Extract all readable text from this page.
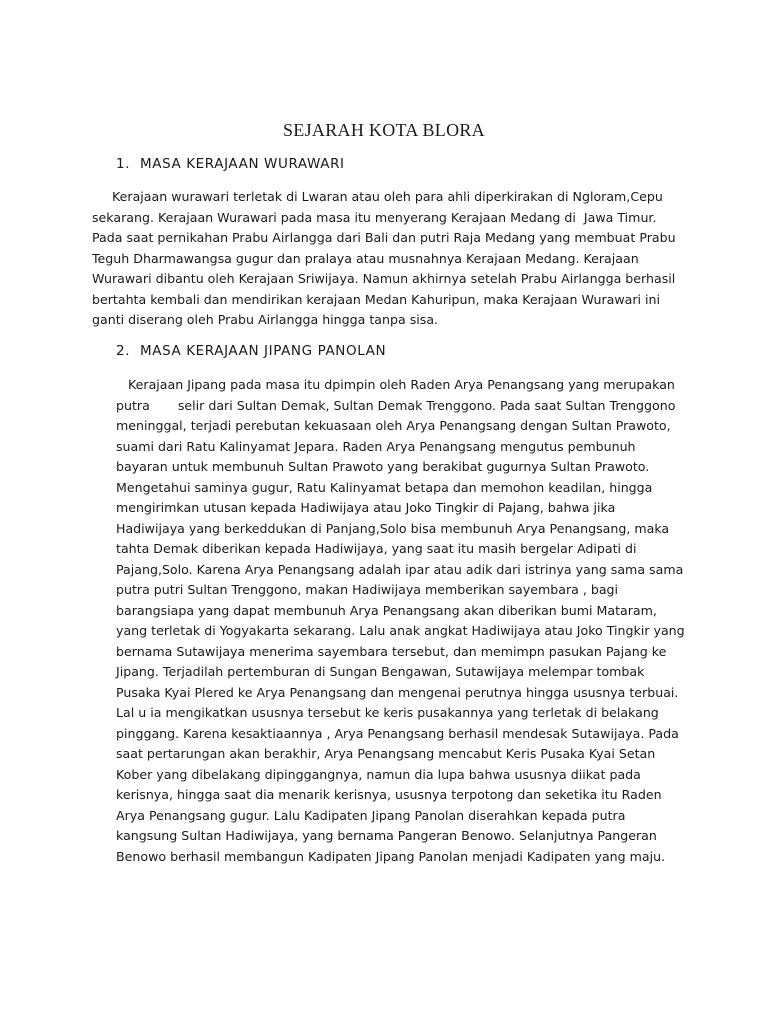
SEJARAH KOTA BLORA
1. MASA KERAJAAN WURAWARI
Kerajaan wurawari terletak di Lwaran atau oleh para ahli diperkirakan di Ngloram,Cepu
sekarang. Kerajaan Wurawari pada masa itu menyerang Kerajaan Medang di  Jawa Timur.
Pada saat pernikahan Prabu Airlangga dari Bali dan putri Raja Medang yang membuat Prabu
Teguh Dharmawangsa gugur dan pralaya atau musnahnya Kerajaan Medang. Kerajaan
Wurawari dibantu oleh Kerajaan Sriwijaya. Namun akhirnya setelah Prabu Airlangga berhasil
bertahta kembali dan mendirikan kerajaan Medan Kahuripun, maka Kerajaan Wurawari ini
ganti diserang oleh Prabu Airlangga hingga tanpa sisa.
2. MASA KERAJAAN JIPANG PANOLAN
Kerajaan Jipang pada masa itu dpimpin oleh Raden Arya Penangsang yang merupakan
putra       selir dari Sultan Demak, Sultan Demak Trenggono. Pada saat Sultan Trenggono
meninggal, terjadi perebutan kekuasaan oleh Arya Penangsang dengan Sultan Prawoto,
suami dari Ratu Kalinyamat Jepara. Raden Arya Penangsang mengutus pembunuh
bayaran untuk membunuh Sultan Prawoto yang berakibat gugurnya Sultan Prawoto.
Mengetahui saminya gugur, Ratu Kalinyamat betapa dan memohon keadilan, hingga
mengirimkan utusan kepada Hadiwijaya atau Joko Tingkir di Pajang, bahwa jika
Hadiwijaya yang berkeddukan di Panjang,Solo bisa membunuh Arya Penangsang, maka
tahta Demak diberikan kepada Hadiwijaya, yang saat itu masih bergelar Adipati di
Pajang,Solo. Karena Arya Penangsang adalah ipar atau adik dari istrinya yang sama sama
putra putri Sultan Trenggono, makan Hadiwijaya memberikan sayembara , bagi
barangsiapa yang dapat membunuh Arya Penangsang akan diberikan bumi Mataram,
yang terletak di Yogyakarta sekarang. Lalu anak angkat Hadiwijaya atau Joko Tingkir yang
bernama Sutawijaya menerima sayembara tersebut, dan memimpn pasukan Pajang ke
Jipang. Terjadilah pertemburan di Sungan Bengawan, Sutawijaya melempar tombak
Pusaka Kyai Plered ke Arya Penangsang dan mengenai perutnya hingga ususnya terbuai.
Lal u ia mengikatkan ususnya tersebut ke keris pusakannya yang terletak di belakang
pinggang. Karena kesaktiaannya , Arya Penangsang berhasil mendesak Sutawijaya. Pada
saat pertarungan akan berakhir, Arya Penangsang mencabut Keris Pusaka Kyai Setan
Kober yang dibelakang dipinggangnya, namun dia lupa bahwa ususnya diikat pada
kerisnya, hingga saat dia menarik kerisnya, ususnya terpotong dan seketika itu Raden
Arya Penangsang gugur. Lalu Kadipaten Jipang Panolan diserahkan kepada putra
kangsung Sultan Hadiwijaya, yang bernama Pangeran Benowo. Selanjutnya Pangeran
Benowo berhasil membangun Kadipaten Jipang Panolan menjadi Kadipaten yang maju.
